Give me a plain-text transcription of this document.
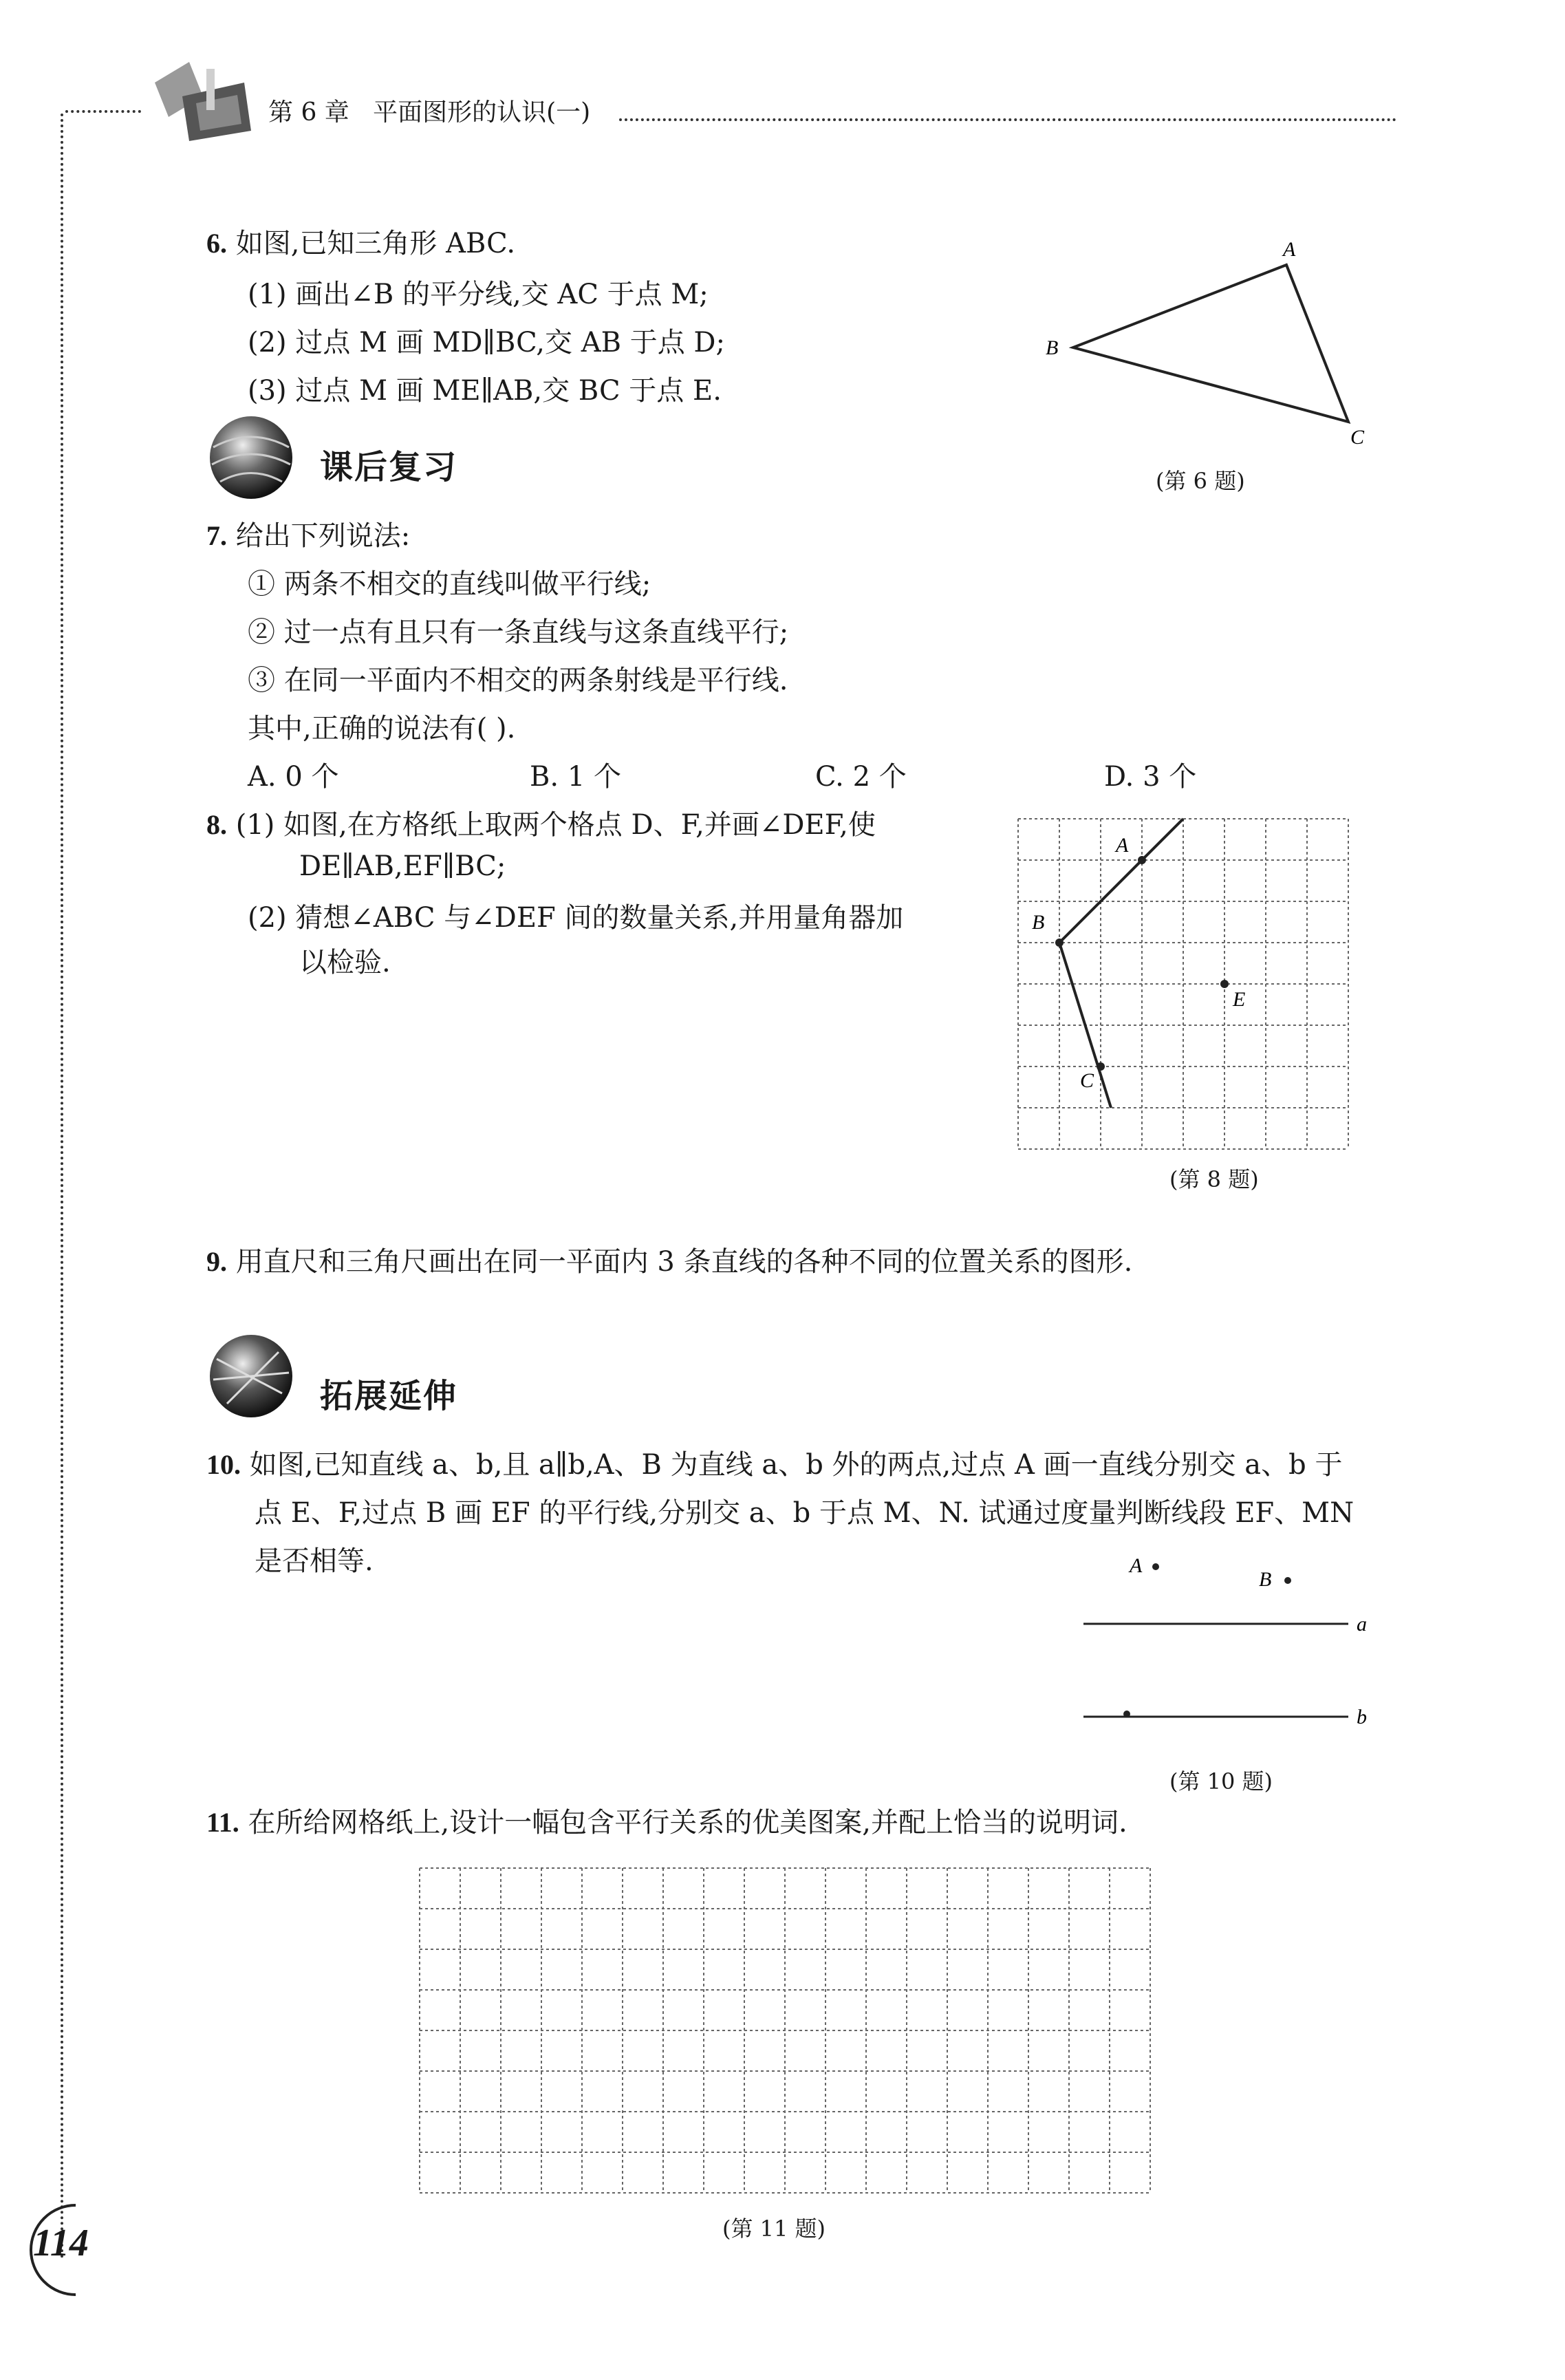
第 6 章 平面图形的认识(一)
6. 如图,已知三角形 ABC.
(1) 画出∠B 的平分线,交 AC 于点 M;
(2) 过点 M 画 MD∥BC,交 AB 于点 D;
(3) 过点 M 画 ME∥AB,交 BC 于点 E.
A
B
C
(第 6 题)
课后复习
7. 给出下列说法:
① 两条不相交的直线叫做平行线;
② 过一点有且只有一条直线与这条直线平行;
③ 在同一平面内不相交的两条射线是平行线.
其中,正确的说法有( ).
A. 0 个	B. 1 个	C. 2 个	D. 3 个
8. (1) 如图,在方格纸上取两个格点 D、F,并画∠DEF,使
DE∥AB,EF∥BC;
(2) 猜想∠ABC 与∠DEF 间的数量关系,并用量角器加
以检验.
A
B
C
E
(第 8 题)
9. 用直尺和三角尺画出在同一平面内 3 条直线的各种不同的位置关系的图形.
拓展延伸
10. 如图,已知直线 a、b,且 a∥b,A、B 为直线 a、b 外的两点,过点 A 画一直线分别交 a、b 于
点 E、F,过点 B 画 EF 的平行线,分别交 a、b 于点 M、N. 试通过度量判断线段 EF、MN
是否相等.	A
B
a
b
(第 10 题)
11. 在所给网格纸上,设计一幅包含平行关系的优美图案,并配上恰当的说明词.
(第 11 题)
114
